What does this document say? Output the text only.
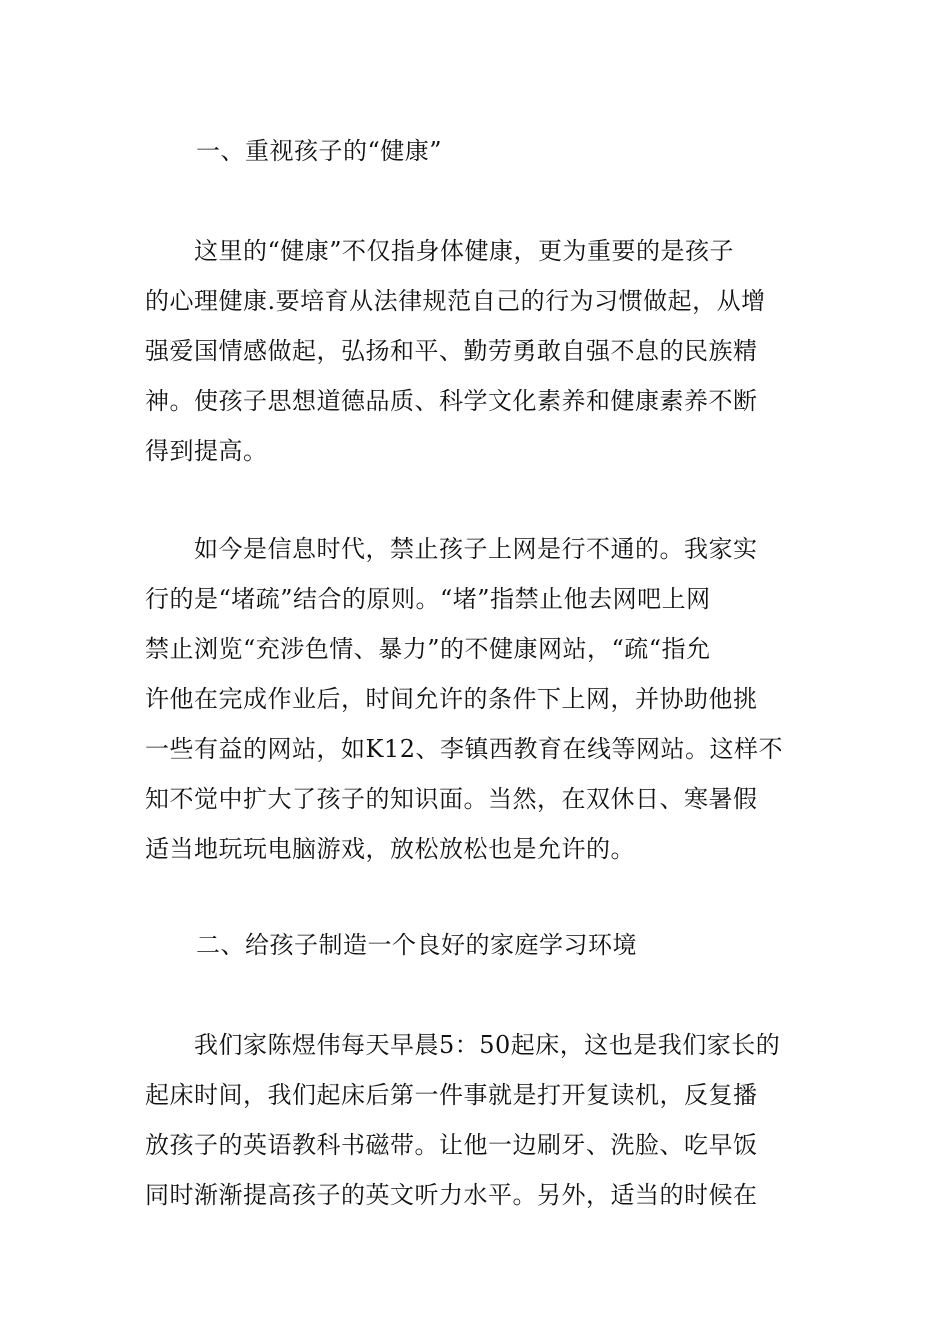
一、重视孩子的“健康”

　　这里的“健康”不仅指身体健康，更为重要的是孩子
的心理健康.要培育从法律规范自己的行为习惯做起，从增
强爱国情感做起，弘扬和平、勤劳勇敢自强不息的民族精
神。使孩子思想道德品质、科学文化素养和健康素养不断
得到提高。

　　如今是信息时代，禁止孩子上网是行不通的。我家实
行的是“堵疏”结合的原则。“堵”指禁止他去网吧上网
禁止浏览“充涉色情、暴力”的不健康网站，“疏“指允
许他在完成作业后，时间允许的条件下上网，并协助他挑
一些有益的网站，如K12、李镇西教育在线等网站。这样不
知不觉中扩大了孩子的知识面。当然，在双休日、寒暑假
适当地玩玩电脑游戏，放松放松也是允许的。

二、给孩子制造一个良好的家庭学习环境

　　我们家陈煜伟每天早晨5：50起床，这也是我们家长的
起床时间，我们起床后第一件事就是打开复读机，反复播
放孩子的英语教科书磁带。让他一边刷牙、洗脸、吃早饭
同时渐渐提高孩子的英文听力水平。另外，适当的时候在
